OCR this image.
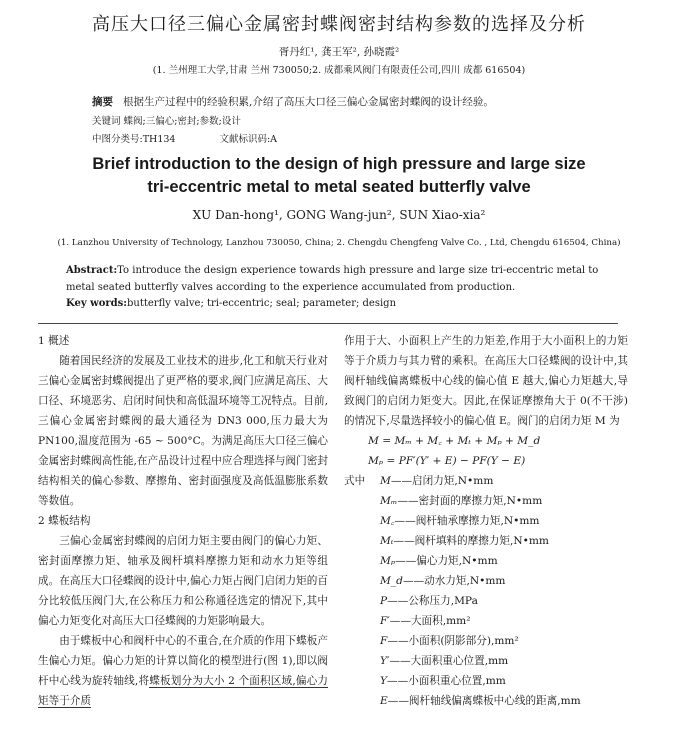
高压大口径三偏心金属密封蝶阀密封结构参数的选择及分析
胥丹红¹, 龚王军², 孙晓霞²
(1. 兰州理工大学,甘肃 兰州 730050;2. 成都乘风阀门有限责任公司,四川 成都 616504)
摘要 根据生产过程中的经验积累,介绍了高压大口径三偏心金属密封蝶阀的设计经验。
关键词 蝶阀;三偏心;密封;参数;设计
中图分类号:TH134	文献标识码:A
Brief introduction to the design of high pressure and large size
tri-eccentric metal to metal seated butterfly valve
XU Dan-hong¹, GONG Wang-jun², SUN Xiao-xia²
(1. Lanzhou University of Technology, Lanzhou 730050, China; 2. Chengdu Chengfeng Valve Co. , Ltd, Chengdu 616504, China)
Abstract:To introduce the design experience towards high pressure and large size tri-eccentric metal to metal seated butterfly valves according to the experience accumulated from production.
Key words:butterfly valve; tri-eccentric; seal; parameter; design
1 概述
随着国民经济的发展及工业技术的进步,化工和航天行业对三偏心金属密封蝶阀提出了更严格的要求,阀门应满足高压、大口径、环境恶劣、启闭时间快和高低温环境等工况特点。目前,三偏心金属密封蝶阀的最大通径为 DN3 000,压力最大为 PN100,温度范围为 -65 ~ 500°C。为满足高压大口径三偏心金属密封蝶阀高性能,在产品设计过程中应合理选择与阀门密封结构相关的偏心参数、摩擦角、密封面强度及高低温膨胀系数等数值。
2 蝶板结构
三偏心金属密封蝶阀的启闭力矩主要由阀门的偏心力矩、密封面摩擦力矩、轴承及阀杆填料摩擦力矩和动水力矩等组成。在高压大口径蝶阀的设计中,偏心力矩占阀门启闭力矩的百分比较低压阀门大,在公称压力和公称通径选定的情况下,其中偏心力矩变化对高压大口径蝶阀的力矩影响最大。
由于蝶板中心和阀杆中心的不重合,在介质的作用下蝶板产生偏心力矩。偏心力矩的计算以简化的模型进行(图 1),即以阀杆中心线为旋转轴线,将蝶板划分为大小 2 个面积区域,偏心力矩等于介质
作用于大、小面积上产生的力矩差,作用于大小面积上的力矩等于介质力与其力臂的乘积。在高压大口径蝶阀的设计中,其阀杆轴线偏离蝶板中心线的偏心值 E 越大,偏心力矩越大,导致阀门的启闭力矩变大。因此,在保证摩擦角大于 0(不干涉)的情况下,尽量选择较小的偏心值 E。阀门的启闭力矩 M 为
M = Mₘ + M꜀ + Mₜ + Mₚ + M_d
Mₚ = PF′(Y′ + E) − PF(Y − E)
式中 M——启闭力矩,N•mm
Mₘ——密封面的摩擦力矩,N•mm
M꜀——阀杆轴承摩擦力矩,N•mm
Mₜ——阀杆填料的摩擦力矩,N•mm
Mₚ——偏心力矩,N•mm
M_d——动水力矩,N•mm
P——公称压力,MPa
F′——大面积,mm²
F——小面积(阴影部分),mm²
Y′——大面积重心位置,mm
Y——小面积重心位置,mm
E——阀杆轴线偏离蝶板中心线的距离,mm
